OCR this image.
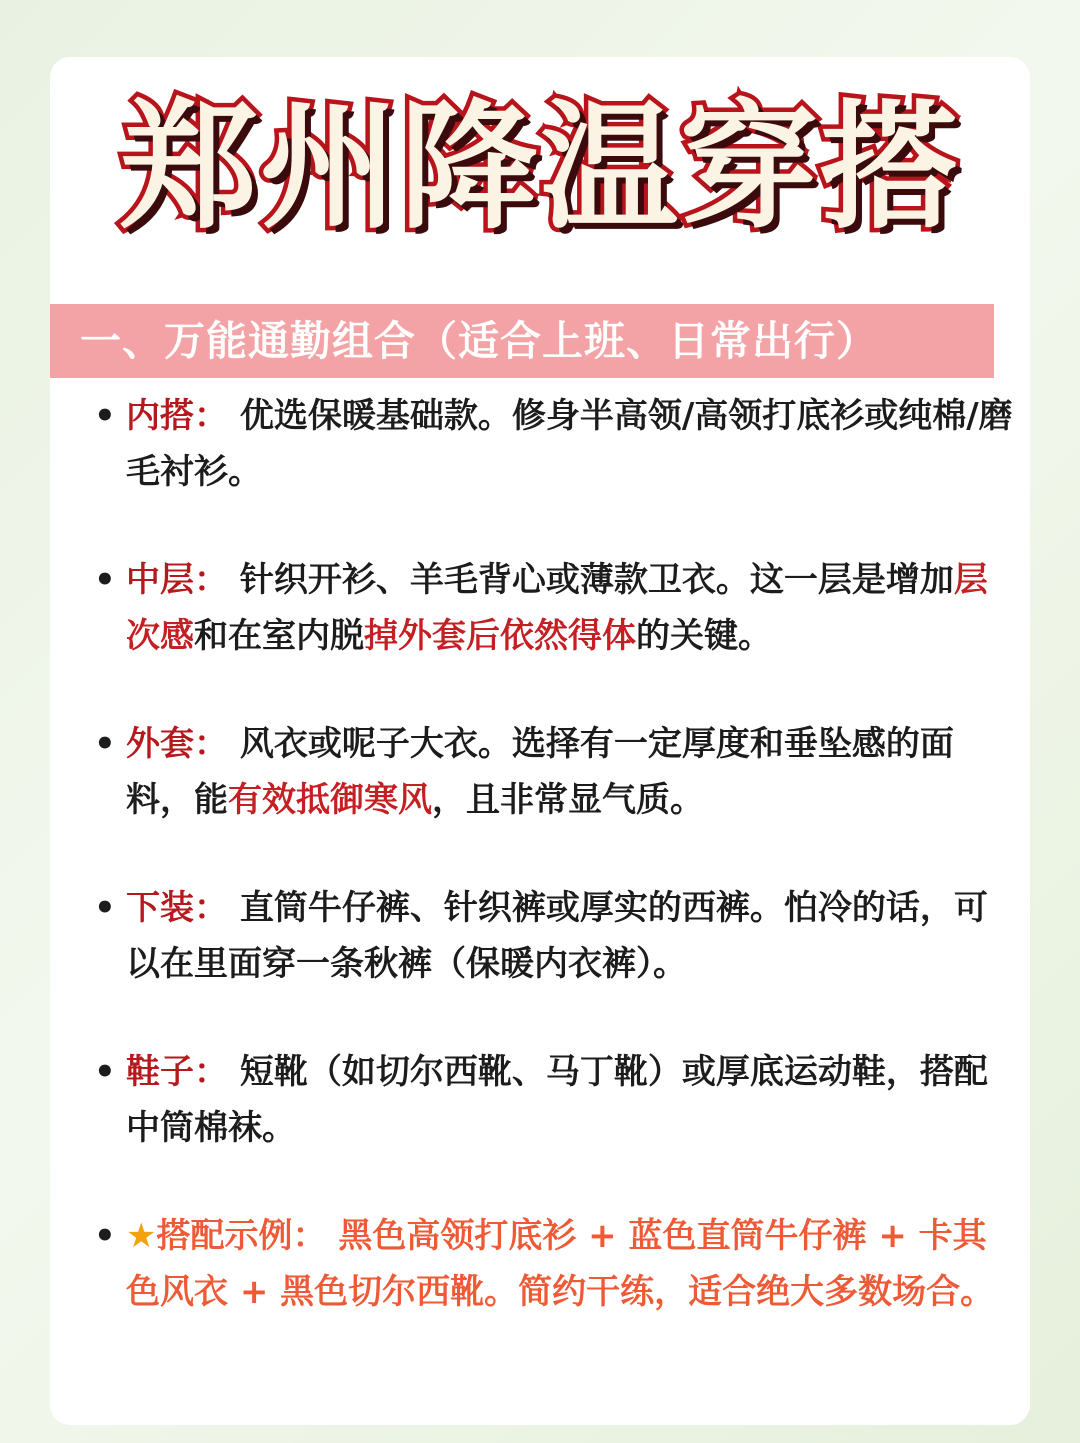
郑州降温穿搭
一、万能通勤组合（适合上班、日常出行）
• 内搭： 优选保暖基础款。修身半高领/高领打底衫或纯棉/磨毛衬衫。
• 中层： 针织开衫、羊毛背心或薄款卫衣。这一层是增加层次感和在室内脱掉外套后依然得体的关键。
• 外套： 风衣或呢子大衣。选择有一定厚度和垂坠感的面料，能有效抵御寒风，且非常显气质。
• 下装： 直筒牛仔裤、针织裤或厚实的西裤。怕冷的话，可以在里面穿一条秋裤（保暖内衣裤）。
• 鞋子： 短靴（如切尔西靴、马丁靴）或厚底运动鞋，搭配中筒棉袜。
• ★搭配示例： 黑色高领打底衫 + 蓝色直筒牛仔裤 + 卡其色风衣 + 黑色切尔西靴。简约干练，适合绝大多数场合。
